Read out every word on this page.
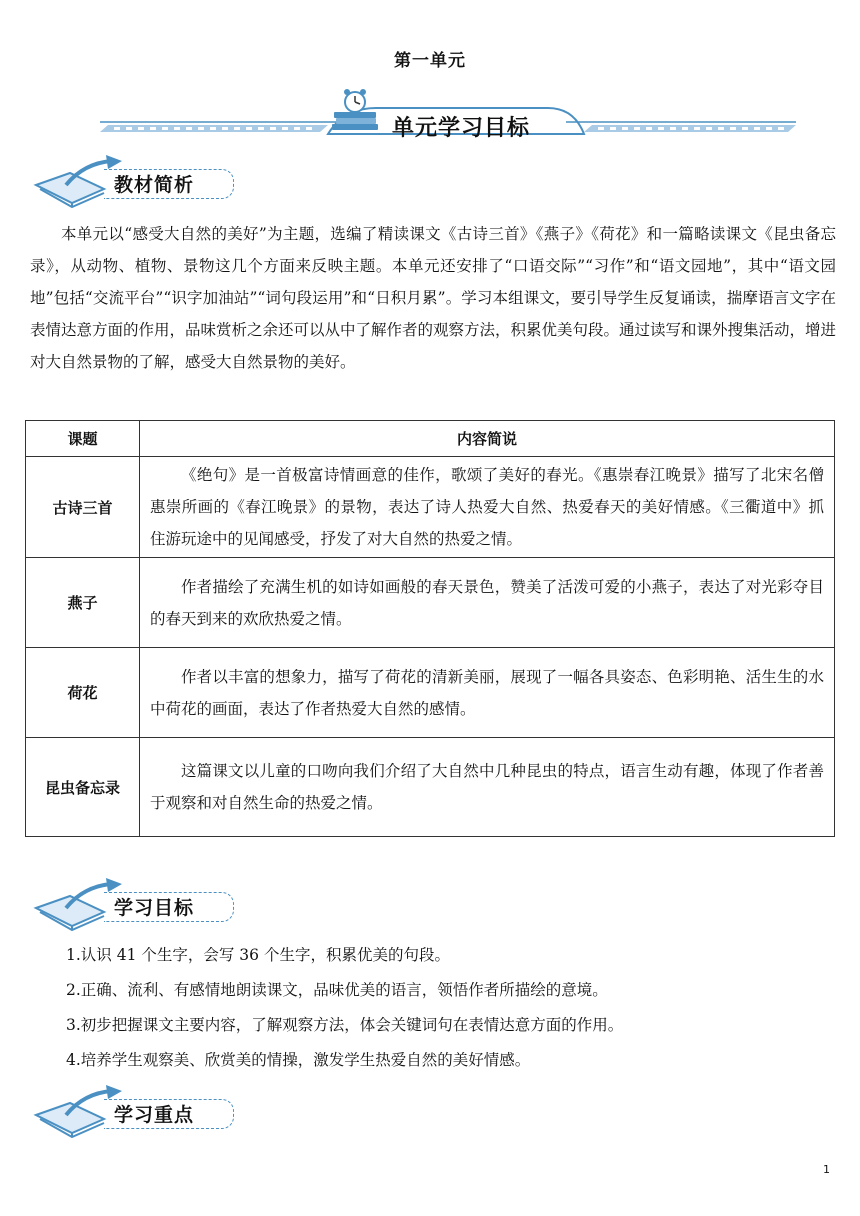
第一单元
单元学习目标
教材简析
本单元以“感受大自然的美好”为主题，选编了精读课文《古诗三首》《燕子》《荷花》和一篇略读课文《昆虫备忘录》，从动物、植物、景物这几个方面来反映主题。本单元还安排了“口语交际”“习作”和“语文园地”，其中“语文园地”包括“交流平台”“识字加油站”“词句段运用”和“日积月累”。学习本组课文，要引导学生反复诵读，揣摩语言文字在表情达意方面的作用，品味赏析之余还可以从中了解作者的观察方法，积累优美句段。通过读写和课外搜集活动，增进对大自然景物的了解，感受大自然景物的美好。
课题	内容简说
古诗三首	《绝句》是一首极富诗情画意的佳作，歌颂了美好的春光。《惠崇春江晚景》描写了北宋名僧惠崇所画的《春江晚景》的景物，表达了诗人热爱大自然、热爱春天的美好情感。《三衢道中》抓住游玩途中的见闻感受，抒发了对大自然的热爱之情。
燕子	作者描绘了充满生机的如诗如画般的春天景色，赞美了活泼可爱的小燕子，表达了对光彩夺目的春天到来的欢欣热爱之情。
荷花	作者以丰富的想象力，描写了荷花的清新美丽，展现了一幅各具姿态、色彩明艳、活生生的水中荷花的画面，表达了作者热爱大自然的感情。
昆虫备忘录	这篇课文以儿童的口吻向我们介绍了大自然中几种昆虫的特点，语言生动有趣，体现了作者善于观察和对自然生命的热爱之情。
学习目标
1.认识 41 个生字，会写 36 个生字，积累优美的句段。
2.正确、流利、有感情地朗读课文，品味优美的语言，领悟作者所描绘的意境。
3.初步把握课文主要内容，了解观察方法，体会关键词句在表情达意方面的作用。
4.培养学生观察美、欣赏美的情操，激发学生热爱自然的美好情感。
学习重点
1
